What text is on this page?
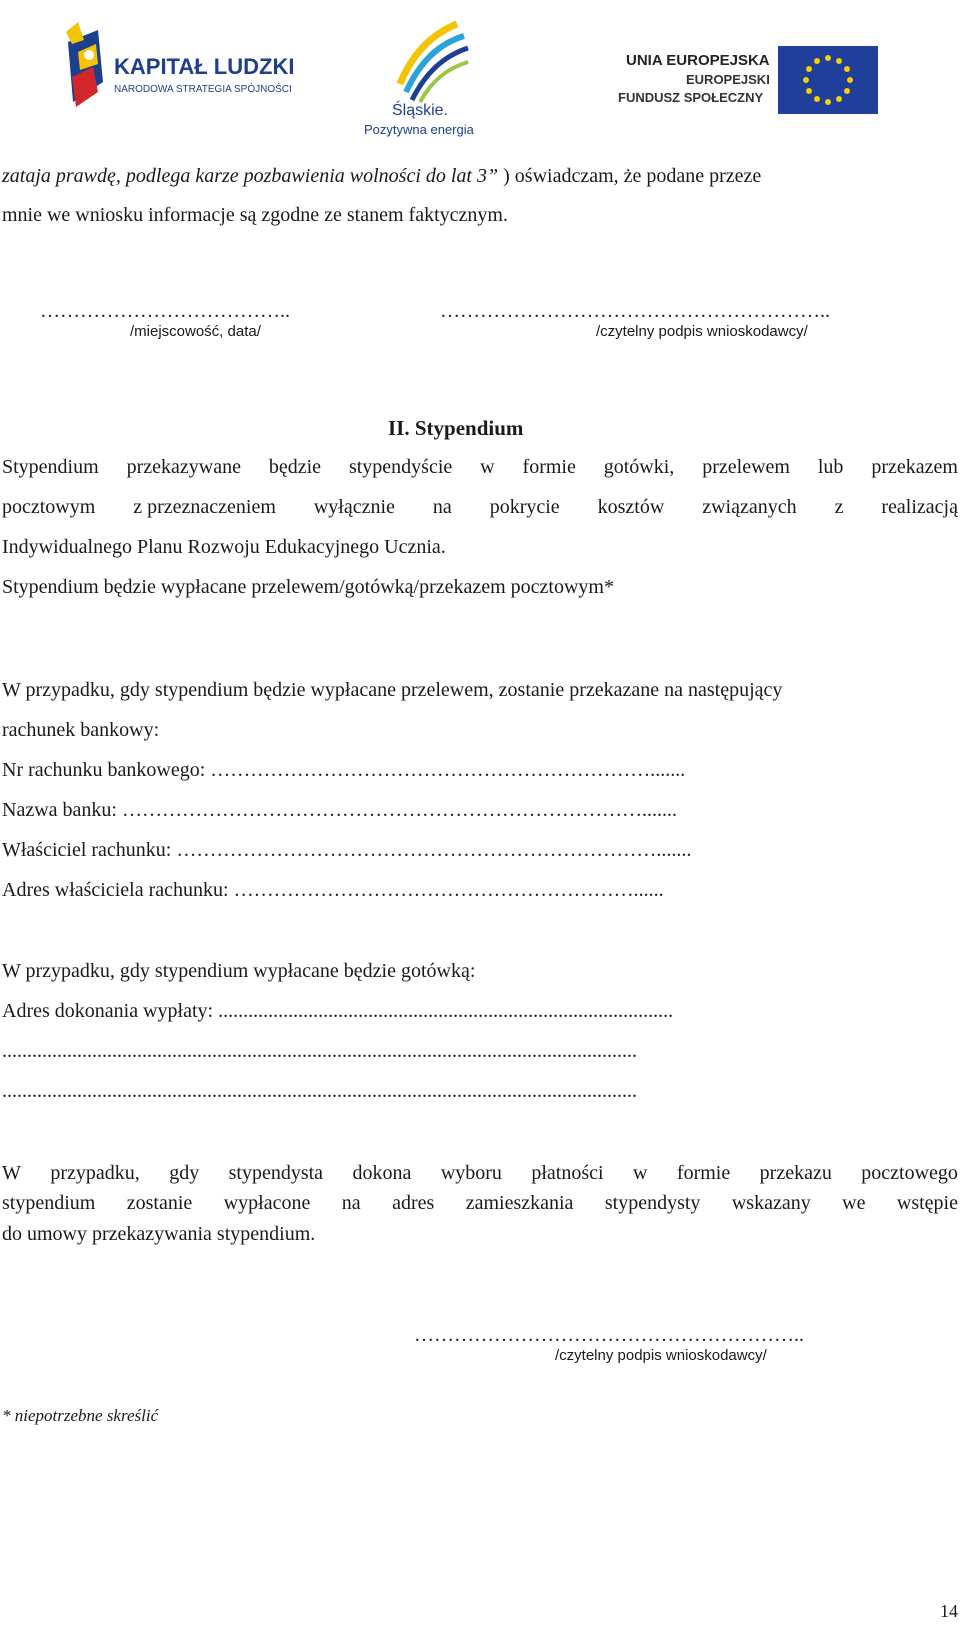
KAPITAŁ LUDZKI
NARODOWA STRATEGIA SPÓJNOŚCI
Śląskie.
Pozytywna energia
UNIA EUROPEJSKA
EUROPEJSKI
FUNDUSZ SPOŁECZNY
zataja prawdę, podlega karze pozbawienia wolności do lat 3” ) oświadczam, że podane przeze
mnie we wniosku informacje są zgodne ze stanem faktycznym.
………………………………..
/miejscowość, data/
…………………………………………………..
/czytelny podpis wnioskodawcy/
II. Stypendium
Stypendium przekazywane będzie stypendyście w formie gotówki, przelewem lub przekazem
pocztowym z przeznaczeniem wyłącznie na pokrycie kosztów związanych z realizacją
Indywidualnego Planu Rozwoju Edukacyjnego Ucznia.
Stypendium będzie wypłacane przelewem/gotówką/przekazem pocztowym*
W przypadku, gdy stypendium będzie wypłacane przelewem, zostanie przekazane na następujący
rachunek bankowy:
Nr rachunku bankowego: ………………………………………………………….......
Nazwa banku: …………………………………………………………………….......
Właściciel rachunku: ……………………………………………………………….......
Adres właściciela rachunku: ……………………………………………………......
W przypadku, gdy stypendium wypłacane będzie gotówką:
Adres dokonania wypłaty: ...........................................................................................
...............................................................................................................................
...............................................................................................................................
W przypadku, gdy stypendysta dokona wyboru płatności w formie przekazu pocztowego
stypendium zostanie wypłacone na adres zamieszkania stypendysty wskazany we wstępie
do umowy przekazywania stypendium.
…………………………………………………..
/czytelny podpis wnioskodawcy/
* niepotrzebne skreślić
14
